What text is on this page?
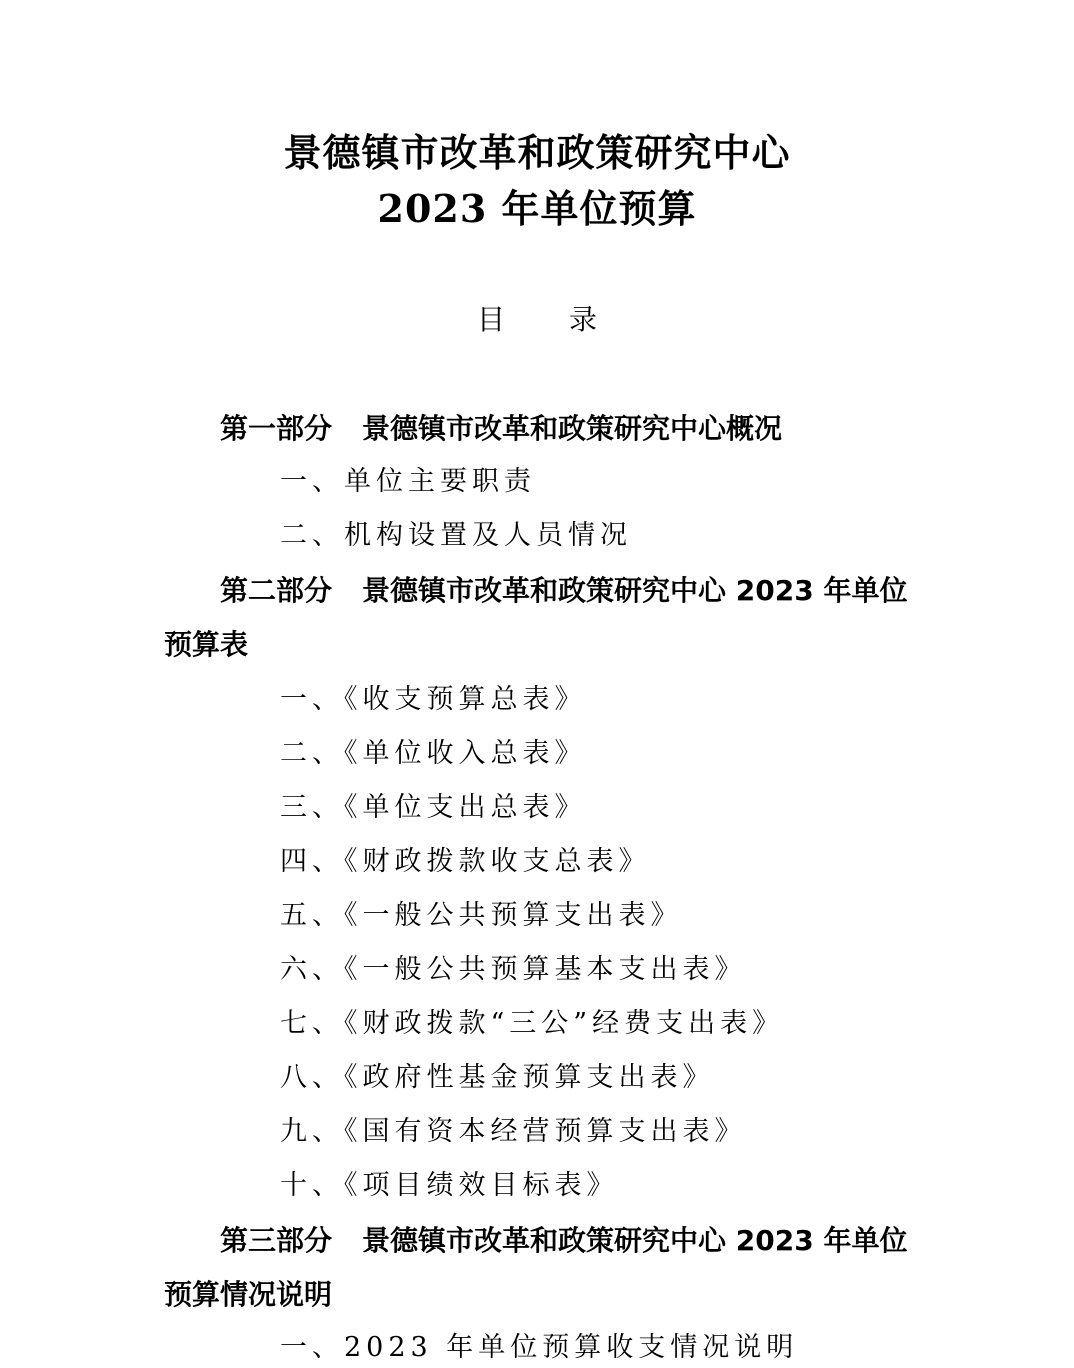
景德镇市改革和政策研究中心
2023 年单位预算
目 录
第一部分 景德镇市改革和政策研究中心概况
一、单位主要职责
二、机构设置及人员情况
第二部分 景德镇市改革和政策研究中心 2023 年单位预算表
一、《收支预算总表》
二、《单位收入总表》
三、《单位支出总表》
四、《财政拨款收支总表》
五、《一般公共预算支出表》
六、《一般公共预算基本支出表》
七、《财政拨款“三公”经费支出表》
八、《政府性基金预算支出表》
九、《国有资本经营预算支出表》
十、《项目绩效目标表》
第三部分 景德镇市改革和政策研究中心 2023 年单位预算情况说明
一、2023 年单位预算收支情况说明
